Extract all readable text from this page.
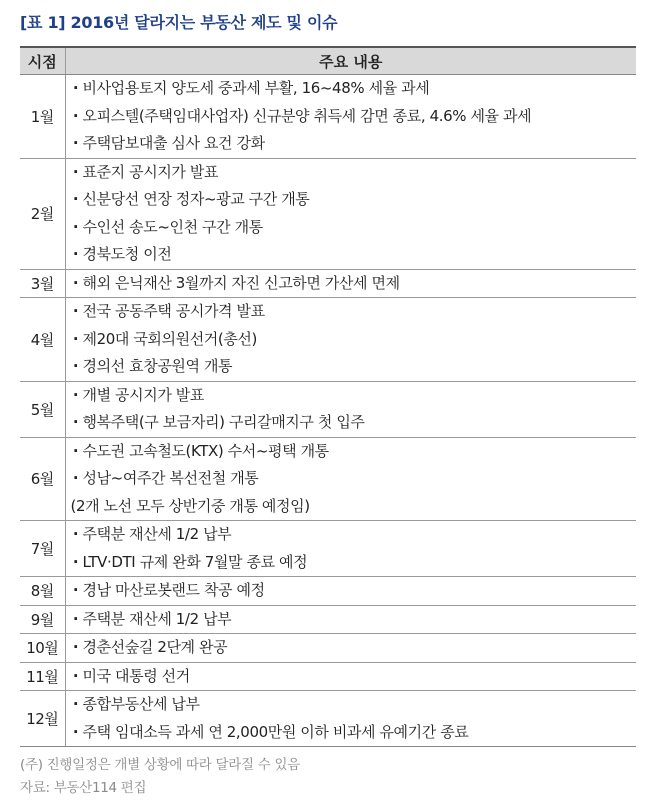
[표 1] 2016년 달라지는 부동산 제도 및 이슈
시점	주요 내용
1월	· 비사업용토지 양도세 중과세 부활, 16~48% 세율 과세
· 오피스텔(주택임대사업자) 신규분양 취득세 감면 종료, 4.6% 세율 과세
· 주택담보대출 심사 요건 강화

2월	· 표준지 공시지가 발표
· 신분당선 연장 정자~광교 구간 개통
· 수인선 송도~인천 구간 개통
· 경북도청 이전

3월	· 해외 은닉재산 3월까지 자진 신고하면 가산세 면제

4월	· 전국 공동주택 공시가격 발표
· 제20대 국회의원선거(총선)
· 경의선 효창공원역 개통

5월	· 개별 공시지가 발표
· 행복주택(구 보금자리) 구리갈매지구 첫 입주

6월	· 수도권 고속철도(KTX) 수서~평택 개통
· 성남~여주간 복선전철 개통
(2개 노선 모두 상반기중 개통 예정임)

7월	· 주택분 재산세 1/2 납부
· LTV·DTI 규제 완화 7월말 종료 예정

8월	· 경남 마산로봇랜드 착공 예정

9월	· 주택분 재산세 1/2 납부

10월	· 경춘선숲길 2단계 완공

11월	· 미국 대통령 선거

12월	· 종합부동산세 납부
· 주택 임대소득 과세 연 2,000만원 이하 비과세 유예기간 종료
(주) 진행일정은 개별 상황에 따라 달라질 수 있음
자료: 부동산114 편집
